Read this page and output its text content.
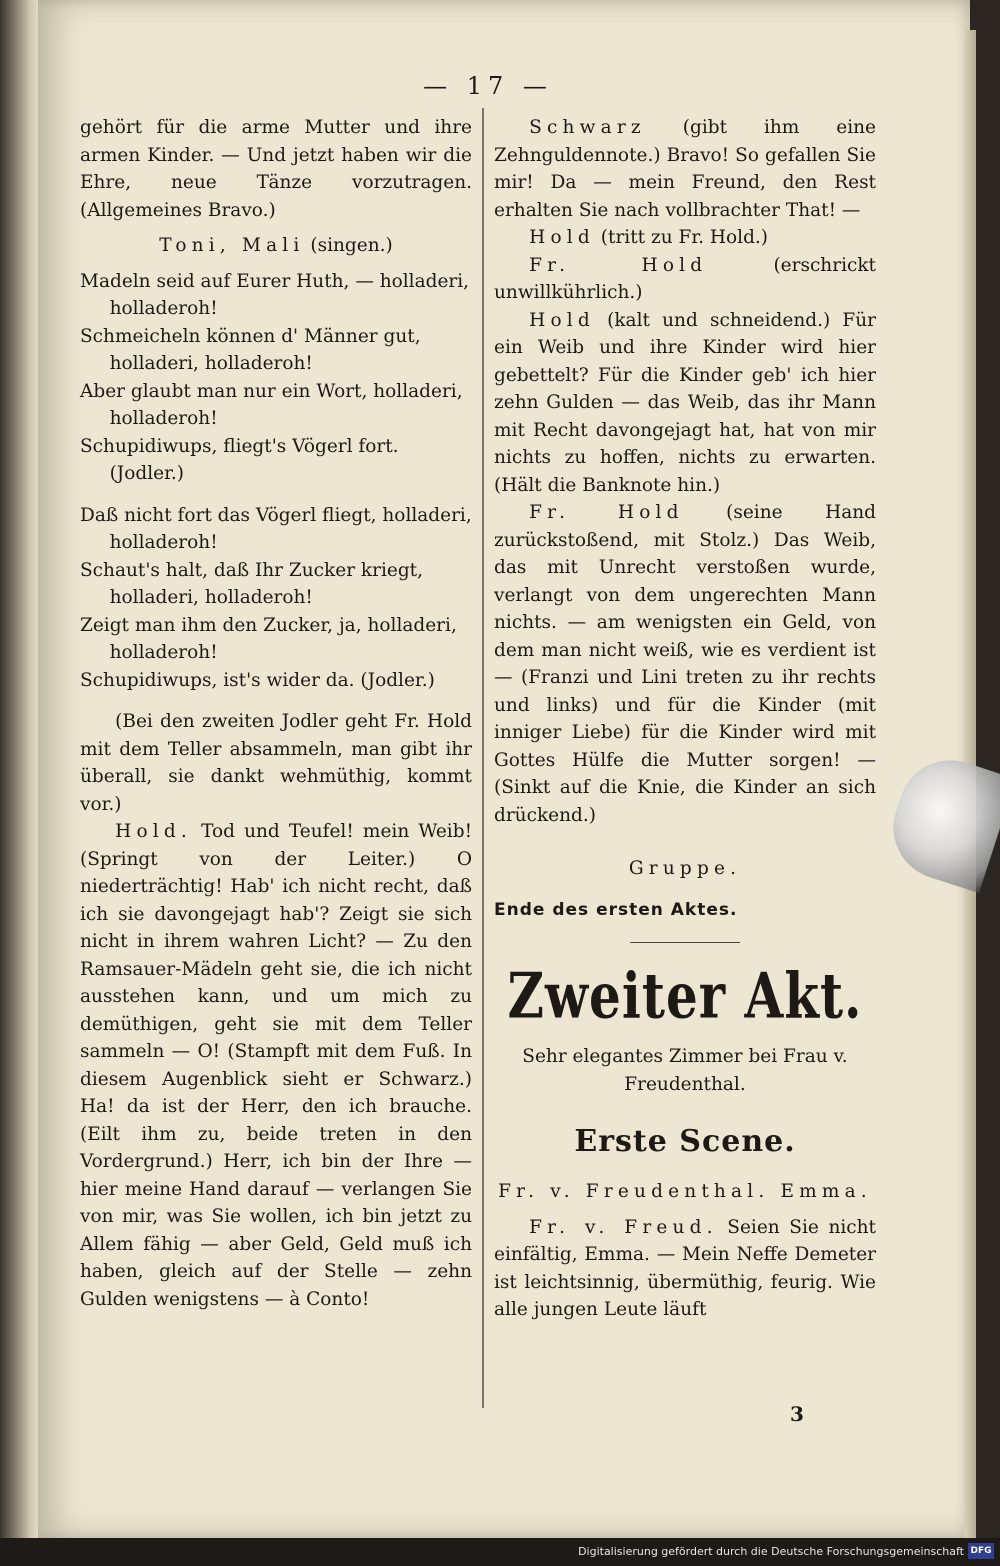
— 17 —

gehört für die arme Mutter und ihre armen Kinder. — Und jetzt haben wir die Ehre, neue Tänze vorzutragen. (Allgemeines Bravo.)

Toni, Mali (singen.)

Madeln seid auf Eurer Huth, — holladeri, holladeroh!

Schmeicheln können d' Männer gut, holladeri, holladeroh!

Aber glaubt man nur ein Wort, holladeri, holladeroh!

Schupidiwups, fliegt's Vögerl fort. (Jodler.)

Daß nicht fort das Vögerl fliegt, holladeri, holladeroh!

Schaut's halt, daß Ihr Zucker kriegt, holladeri, holladeroh!

Zeigt man ihm den Zucker, ja, holladeri, holladeroh!

Schupidiwups, ist's wider da. (Jodler.)

(Bei den zweiten Jodler geht Fr. Hold mit dem Teller absammeln, man gibt ihr überall, sie dankt wehmüthig, kommt vor.)

Hold. Tod und Teufel! mein Weib! (Springt von der Leiter.) O niederträchtig! Hab' ich nicht recht, daß ich sie davongejagt hab'? Zeigt sie sich nicht in ihrem wahren Licht? — Zu den Ramsauer-Mädeln geht sie, die ich nicht ausstehen kann, und um mich zu demüthigen, geht sie mit dem Teller sammeln — O! (Stampft mit dem Fuß. In diesem Augenblick sieht er Schwarz.) Ha! da ist der Herr, den ich brauche. (Eilt ihm zu, beide treten in den Vordergrund.) Herr, ich bin der Ihre — hier meine Hand darauf — verlangen Sie von mir, was Sie wollen, ich bin jetzt zu Allem fähig — aber Geld, Geld muß ich haben, gleich auf der Stelle — zehn Gulden wenigstens — à Conto!

Schwarz (gibt ihm eine Zehnguldennote.) Bravo! So gefallen Sie mir! Da — mein Freund, den Rest erhalten Sie nach vollbrachter That! —

Hold (tritt zu Fr. Hold.)

Fr. Hold (erschrickt unwillkührlich.)

Hold (kalt und schneidend.) Für ein Weib und ihre Kinder wird hier gebettelt? Für die Kinder geb' ich hier zehn Gulden — das Weib, das ihr Mann mit Recht davongejagt hat, hat von mir nichts zu hoffen, nichts zu erwarten. (Hält die Banknote hin.)

Fr. Hold (seine Hand zurückstoßend, mit Stolz.) Das Weib, das mit Unrecht verstoßen wurde, verlangt von dem ungerechten Mann nichts. — am wenigsten ein Geld, von dem man nicht weiß, wie es verdient ist — (Franzi und Lini treten zu ihr rechts und links) und für die Kinder (mit inniger Liebe) für die Kinder wird mit Gottes Hülfe die Mutter sorgen! — (Sinkt auf die Knie, die Kinder an sich drückend.)

Gruppe.

Ende des ersten Aktes.

Zweiter Akt.

Sehr elegantes Zimmer bei Frau v. Freudenthal.

Erste Scene.

Fr. v. Freudenthal. Emma.

Fr. v. Freud. Seien Sie nicht einfältig, Emma. — Mein Neffe Demeter ist leichtsinnig, übermüthig, feurig. Wie alle jungen Leute läuft

3
Digitalisierung gefördert durch die Deutsche Forschungsgemeinschaft DFG
